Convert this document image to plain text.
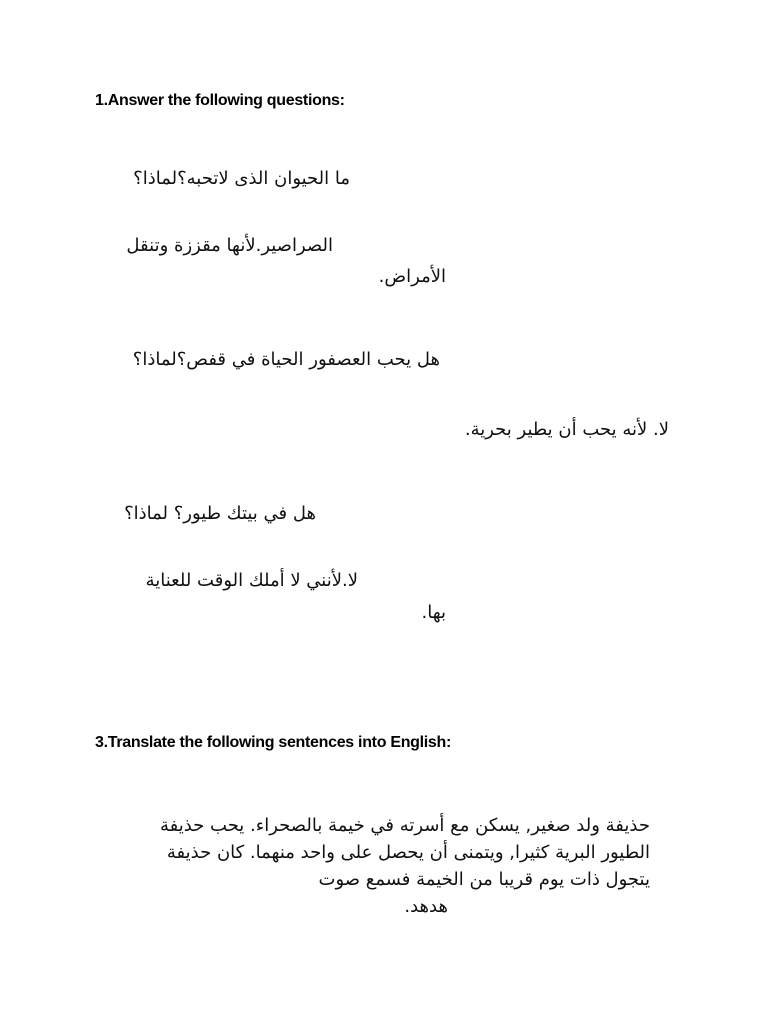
1.Answer the following questions:
ما الحيوان الذى لاتحبه؟لماذا؟
الصراصير.لأنها مقززة وتنقل
الأمراض.
هل يحب العصفور الحياة في قفص؟لماذا؟
لا. لأنه يحب أن يطير بحرية.
هل في بيتك طيور؟ لماذا؟
لا.لأنني لا أملك الوقت للعناية
بها.
3.Translate the following sentences into English:
حذيفة ولد صغير, يسكن مع أسرته في خيمة بالصحراء. يحب حذيفة
الطيور البرية كثيرا, ويتمنى أن يحصل على واحد منهما. كان حذيفة
يتجول ذات يوم قريبا من الخيمة فسمع صوت
هدهد.
